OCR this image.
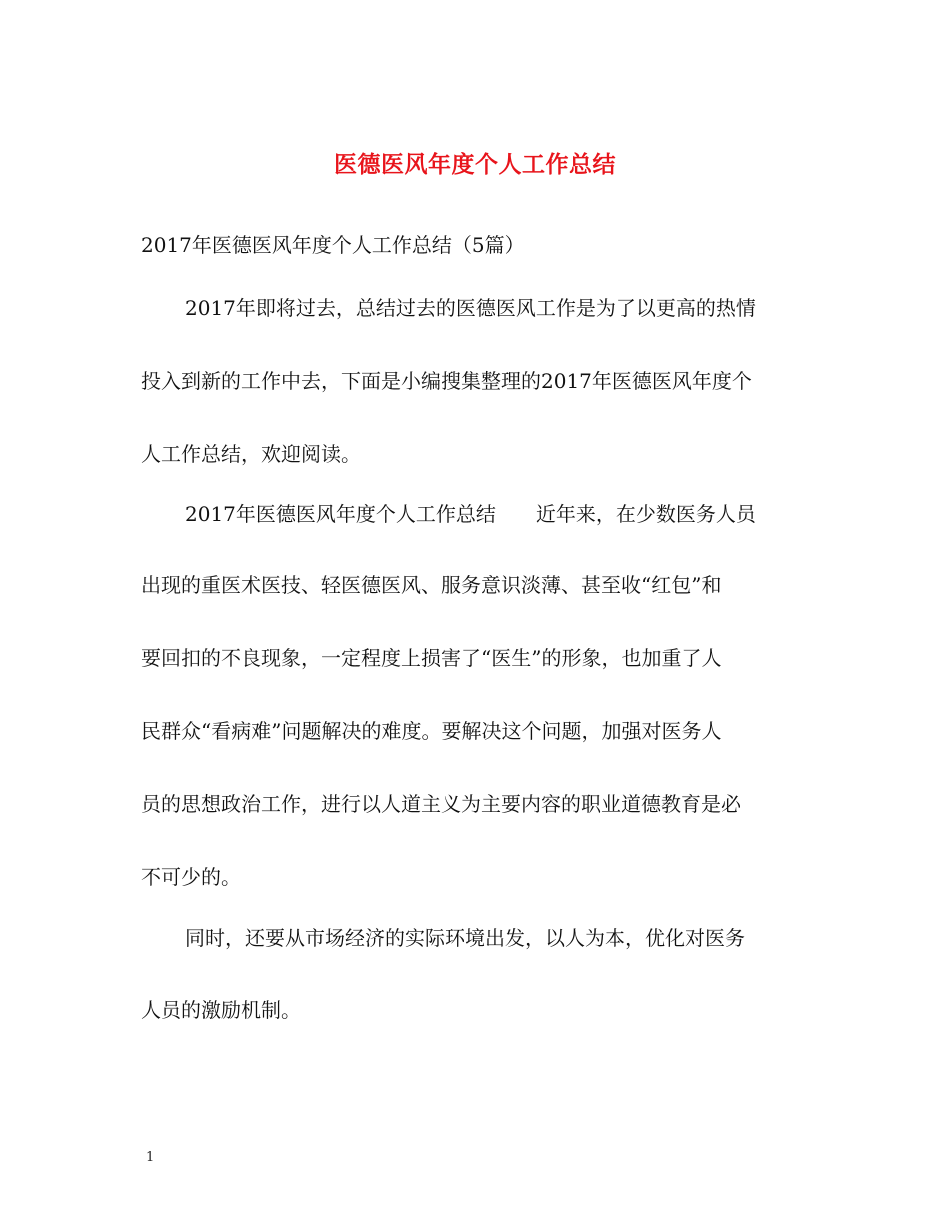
医德医风年度个人工作总结
2017年医德医风年度个人工作总结（5篇）
2017年即将过去，总结过去的医德医风工作是为了以更高的热情
投入到新的工作中去，下面是小编搜集整理的2017年医德医风年度个
人工作总结，欢迎阅读。
2017年医德医风年度个人工作总结　　近年来，在少数医务人员
出现的重医术医技、轻医德医风、服务意识淡薄、甚至收“红包”和
要回扣的不良现象，一定程度上损害了“医生”的形象，也加重了人
民群众“看病难”问题解决的难度。要解决这个问题，加强对医务人
员的思想政治工作，进行以人道主义为主要内容的职业道德教育是必
不可少的。
同时，还要从市场经济的实际环境出发，以人为本，优化对医务
人员的激励机制。
1
